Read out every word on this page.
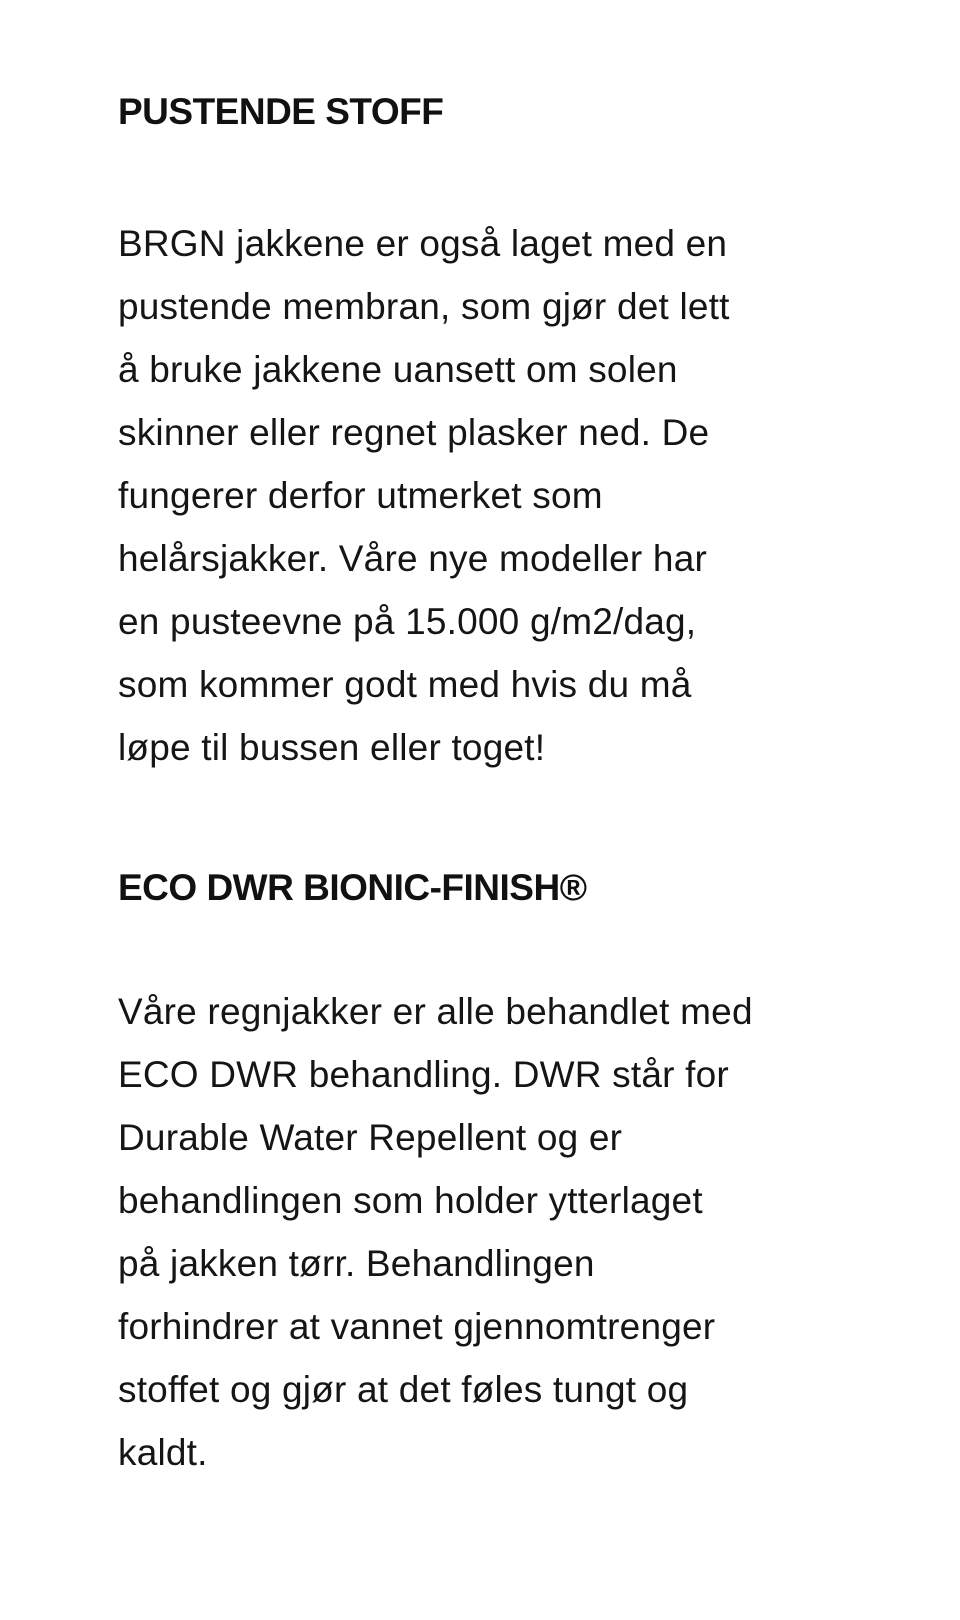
PUSTENDE STOFF

BRGN jakkene er også laget med en
pustende membran, som gjør det lett
å bruke jakkene uansett om solen
skinner eller regnet plasker ned. De
fungerer derfor utmerket som
helårsjakker. Våre nye modeller har
en pusteevne på 15.000 g/m2/dag,
som kommer godt med hvis du må
løpe til bussen eller toget!

ECO DWR BIONIC-FINISH®

Våre regnjakker er alle behandlet med
ECO DWR behandling. DWR står for
Durable Water Repellent og er
behandlingen som holder ytterlaget
på jakken tørr. Behandlingen
forhindrer at vannet gjennomtrenger
stoffet og gjør at det føles tungt og
kaldt.
